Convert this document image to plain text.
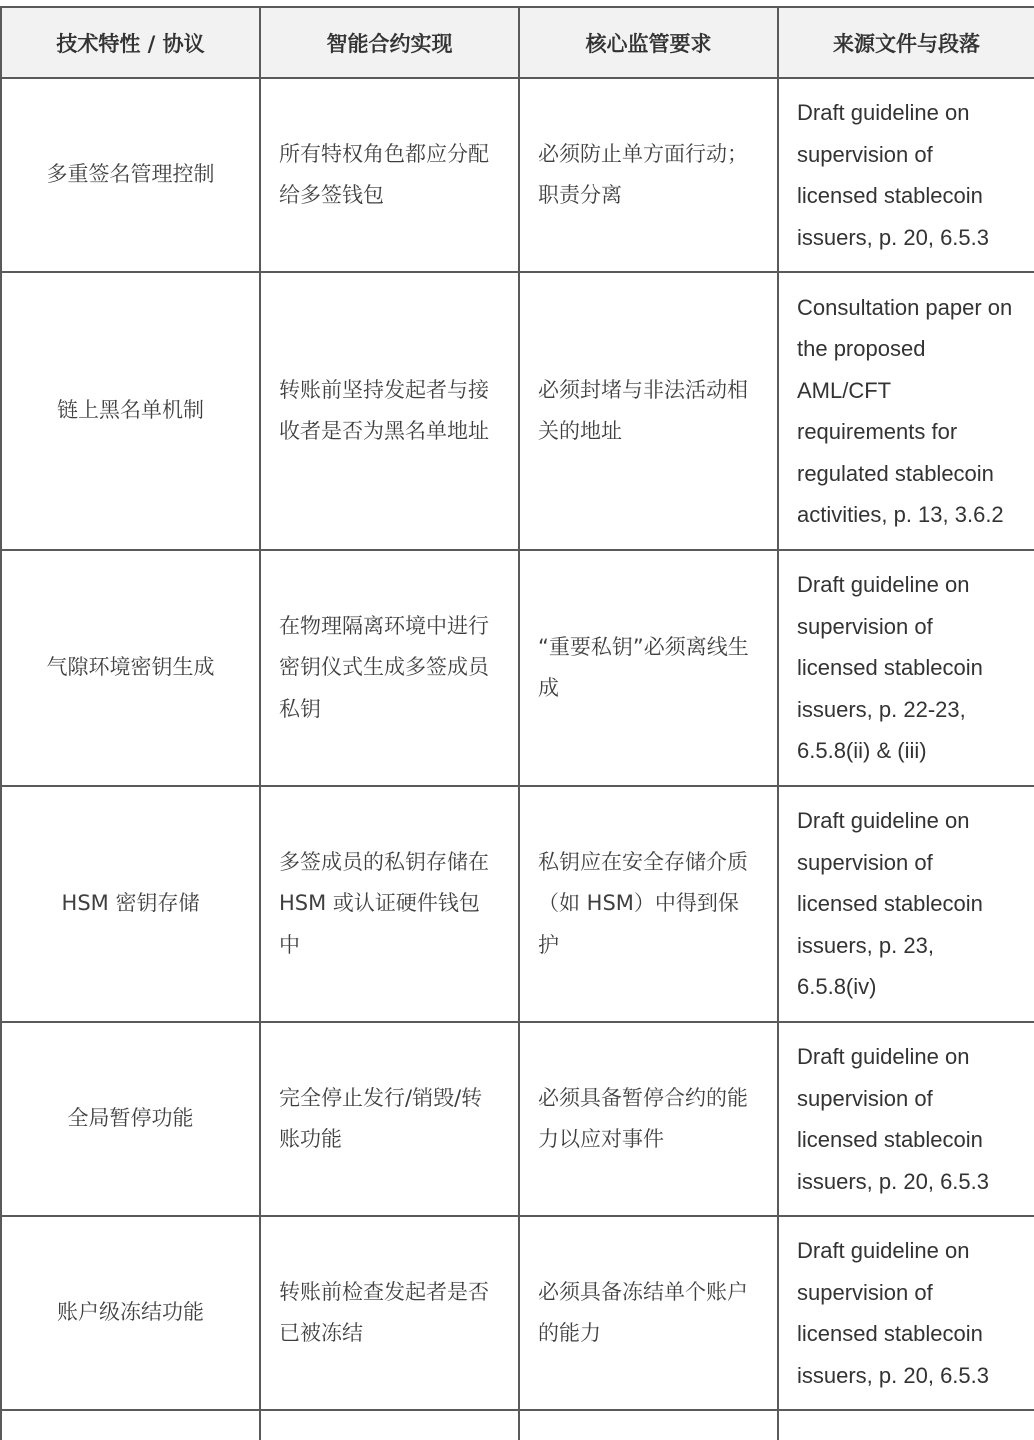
技术特性 / 协议	智能合约实现	核心监管要求	来源文件与段落
多重签名管理控制	所有特权角色都应分配给多签钱包	必须防止单方面行动；职责分离	Draft guideline on supervision of licensed stablecoin issuers, p. 20, 6.5.3
链上黑名单机制	转账前坚持发起者与接收者是否为黑名单地址	必须封堵与非法活动相关的地址	Consultation paper on the proposed AML/CFT requirements for regulated stablecoin activities, p. 13, 3.6.2
气隙环境密钥生成	在物理隔离环境中进行密钥仪式生成多签成员私钥	“重要私钥”必须离线生成	Draft guideline on supervision of licensed stablecoin issuers, p. 22-23, 6.5.8(ii) & (iii)
HSM 密钥存储	多签成员的私钥存储在 HSM 或认证硬件钱包中	私钥应在安全存储介质（如 HSM）中得到保护	Draft guideline on supervision of licensed stablecoin issuers, p. 23, 6.5.8(iv)
全局暂停功能	完全停止发行/销毁/转账功能	必须具备暂停合约的能力以应对事件	Draft guideline on supervision of licensed stablecoin issuers, p. 20, 6.5.3
账户级冻结功能	转账前检查发起者是否已被冻结	必须具备冻结单个账户的能力	Draft guideline on supervision of licensed stablecoin issuers, p. 20, 6.5.3
